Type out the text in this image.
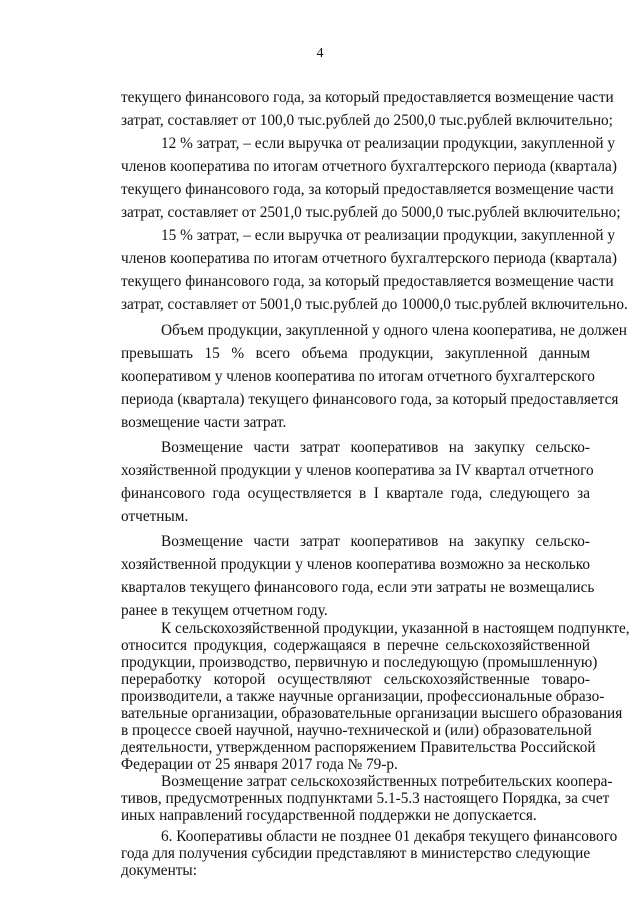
4
текущего финансового года, за который предоставляется возмещение части
затрат, составляет от 100,0 тыс.рублей до 2500,0 тыс.рублей включительно;
12 % затрат, – если выручка от реализации продукции, закупленной у
членов кооператива по итогам отчетного бухгалтерского периода (квартала)
текущего финансового года, за который предоставляется возмещение части
затрат, составляет от 2501,0 тыс.рублей до 5000,0 тыс.рублей включительно;
15 % затрат, – если выручка от реализации продукции, закупленной у
членов кооператива по итогам отчетного бухгалтерского периода (квартала)
текущего финансового года, за который предоставляется возмещение части
затрат, составляет от 5001,0 тыс.рублей до 10000,0 тыс.рублей включительно.
Объем продукции, закупленной у одного члена кооператива, не должен
превышать 15 % всего объема продукции, закупленной данным
кооперативом у членов кооператива по итогам отчетного бухгалтерского
периода (квартала) текущего финансового года, за который предоставляется
возмещение части затрат.
Возмещение части затрат кооперативов на закупку сельско-
хозяйственной продукции у членов кооператива за IV квартал отчетного
финансового года осуществляется в I квартале года, следующего за
отчетным.
Возмещение части затрат кооперативов на закупку сельско-
хозяйственной продукции у членов кооператива возможно за несколько
кварталов текущего финансового года, если эти затраты не возмещались
ранее в текущем отчетном году.
К сельскохозяйственной продукции, указанной в настоящем подпункте,
относится продукция, содержащаяся в перечне сельскохозяйственной
продукции, производство, первичную и последующую (промышленную)
переработку которой осуществляют сельскохозяйственные товаро-
производители, а также научные организации, профессиональные образо-
вательные организации, образовательные организации высшего образования
в процессе своей научной, научно-технической и (или) образовательной
деятельности, утвержденном распоряжением Правительства Российской
Федерации от 25 января 2017 года № 79-р.
Возмещение затрат сельскохозяйственных потребительских коопера-
тивов, предусмотренных подпунктами 5.1-5.3 настоящего Порядка, за счет
иных направлений государственной поддержки не допускается.
6. Кооперативы области не позднее 01 декабря текущего финансового
года для получения субсидии представляют в министерство следующие
документы:
